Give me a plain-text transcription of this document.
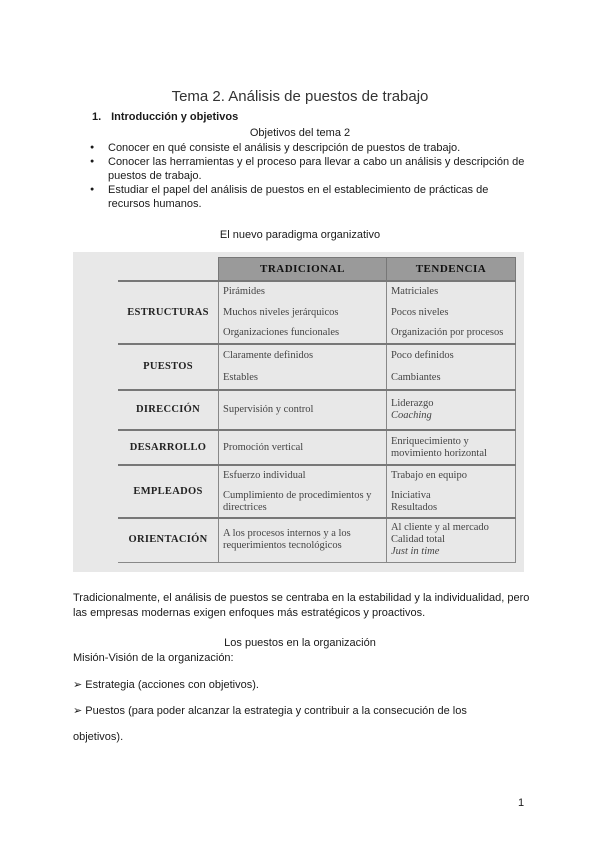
Tema 2. Análisis de puestos de trabajo
1. Introducción y objetivos
Objetivos del tema 2
● Conocer en qué consiste el análisis y descripción de puestos de trabajo.
● Conocer las herramientas y el proceso para llevar a cabo un análisis y descripción de puestos de trabajo.
● Estudiar el papel del análisis de puestos en el establecimiento de prácticas de recursos humanos.
El nuevo paradigma organizativo
	TRADICIONAL	TENDENCIA
ESTRUCTURAS	Pirámides	Matriciales
	Muchos niveles jerárquicos	Pocos niveles
	Organizaciones funcionales	Organización por procesos
PUESTOS	Claramente definidos	Poco definidos
	Estables	Cambiantes
DIRECCIÓN	Supervisión y control	Liderazgo
Coaching

DESARROLLO	Promoción vertical	Enriquecimiento y movimiento horizontal
EMPLEADOS	Esfuerzo individual	Trabajo en equipo
	Cumplimiento de procedimientos y directrices	Iniciativa
Resultados

ORIENTACIÓN	A los procesos internos y a los requerimientos tecnológicos	Al cliente y al mercado
Calidad total
Just in time
Tradicionalmente, el análisis de puestos se centraba en la estabilidad y la individualidad, pero las empresas modernas exigen enfoques más estratégicos y proactivos.
Los puestos en la organización
Misión-Visión de la organización:
➢ Estrategia (acciones con objetivos).
➢ Puestos (para poder alcanzar la estrategia y contribuir a la consecución de los
objetivos).
1
